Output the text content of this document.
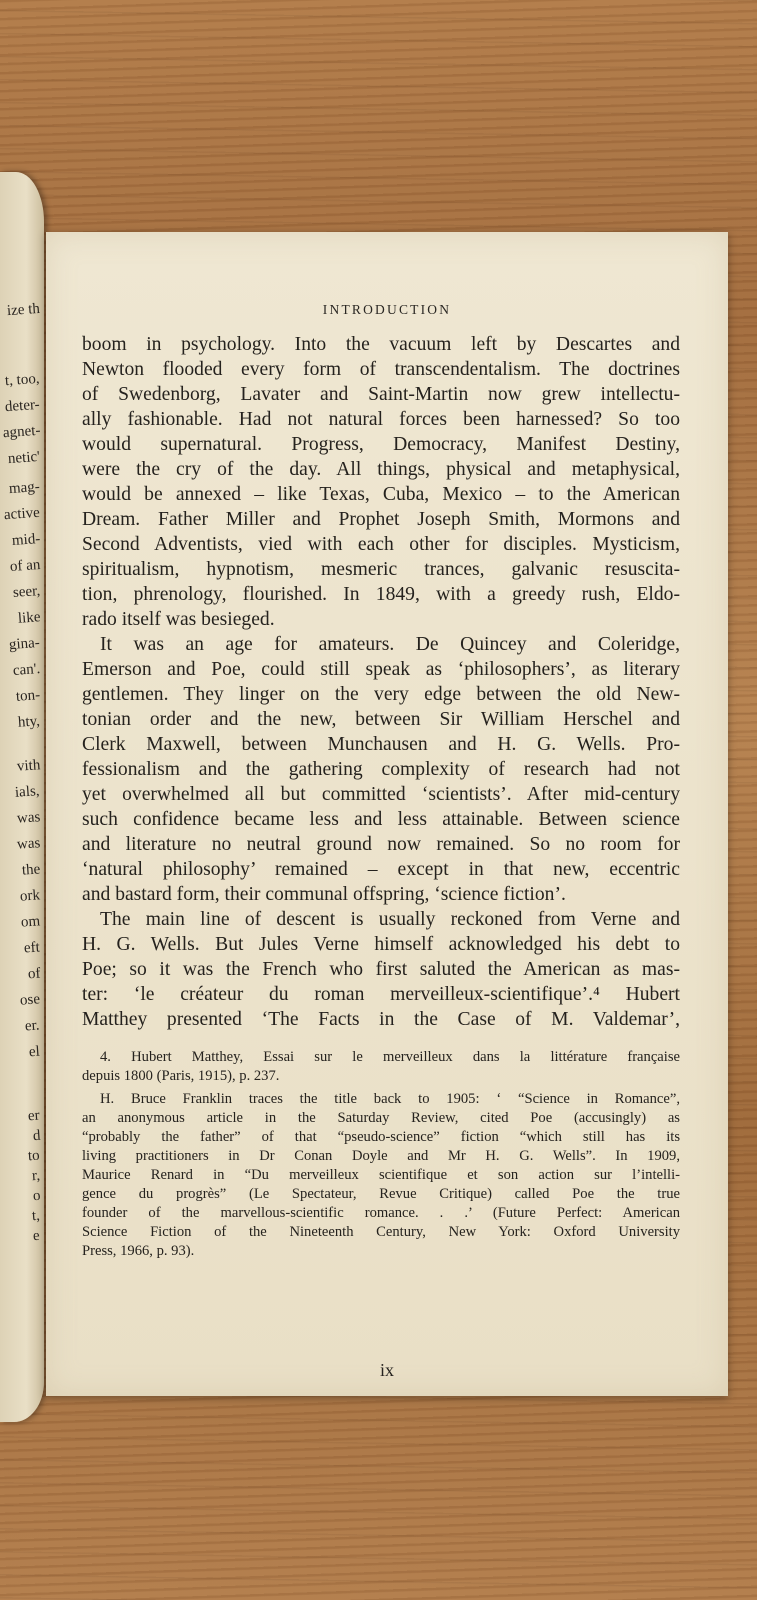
ize th
t, too,
deter-
agnet-
netic'
mag-
active
mid-
of an
seer,
like
gina-
can'.
ton-
hty,
vith
ials,
was
was
the
ork
om
eft
of
ose
er.
el
er
d
to
r,
o
t,
e
INTRODUCTION
boom in psychology. Into the vacuum left by Descartes and
Newton flooded every form of transcendentalism. The doctrines
of Swedenborg, Lavater and Saint-Martin now grew intellectu-
ally fashionable. Had not natural forces been harnessed? So too
would supernatural. Progress, Democracy, Manifest Destiny,
were the cry of the day. All things, physical and metaphysical,
would be annexed – like Texas, Cuba, Mexico – to the American
Dream. Father Miller and Prophet Joseph Smith, Mormons and
Second Adventists, vied with each other for disciples. Mysticism,
spiritualism, hypnotism, mesmeric trances, galvanic resuscita-
tion, phrenology, flourished. In 1849, with a greedy rush, Eldo-
rado itself was besieged.
It was an age for amateurs. De Quincey and Coleridge,
Emerson and Poe, could still speak as ‘philosophers’, as literary
gentlemen. They linger on the very edge between the old New-
tonian order and the new, between Sir William Herschel and
Clerk Maxwell, between Munchausen and H. G. Wells. Pro-
fessionalism and the gathering complexity of research had not
yet overwhelmed all but committed ‘scientists’. After mid-century
such confidence became less and less attainable. Between science
and literature no neutral ground now remained. So no room for
‘natural philosophy’ remained – except in that new, eccentric
and bastard form, their communal offspring, ‘science fiction’.
The main line of descent is usually reckoned from Verne and
H. G. Wells. But Jules Verne himself acknowledged his debt to
Poe; so it was the French who first saluted the American as mas-
ter: ‘le créateur du roman merveilleux-scientifique’.⁴ Hubert
Matthey presented ‘The Facts in the Case of M. Valdemar’,
4. Hubert Matthey, Essai sur le merveilleux dans la littérature française
depuis 1800 (Paris, 1915), p. 237.
H. Bruce Franklin traces the title back to 1905: ‘ “Science in Romance”,
an anonymous article in the Saturday Review, cited Poe (accusingly) as
“probably the father” of that “pseudo-science” fiction “which still has its
living practitioners in Dr Conan Doyle and Mr H. G. Wells”. In 1909,
Maurice Renard in “Du merveilleux scientifique et son action sur l’intelli-
gence du progrès” (Le Spectateur, Revue Critique) called Poe the true
founder of the marvellous-scientific romance. . .’ (Future Perfect: American
Science Fiction of the Nineteenth Century, New York: Oxford University
Press, 1966, p. 93).
ix
